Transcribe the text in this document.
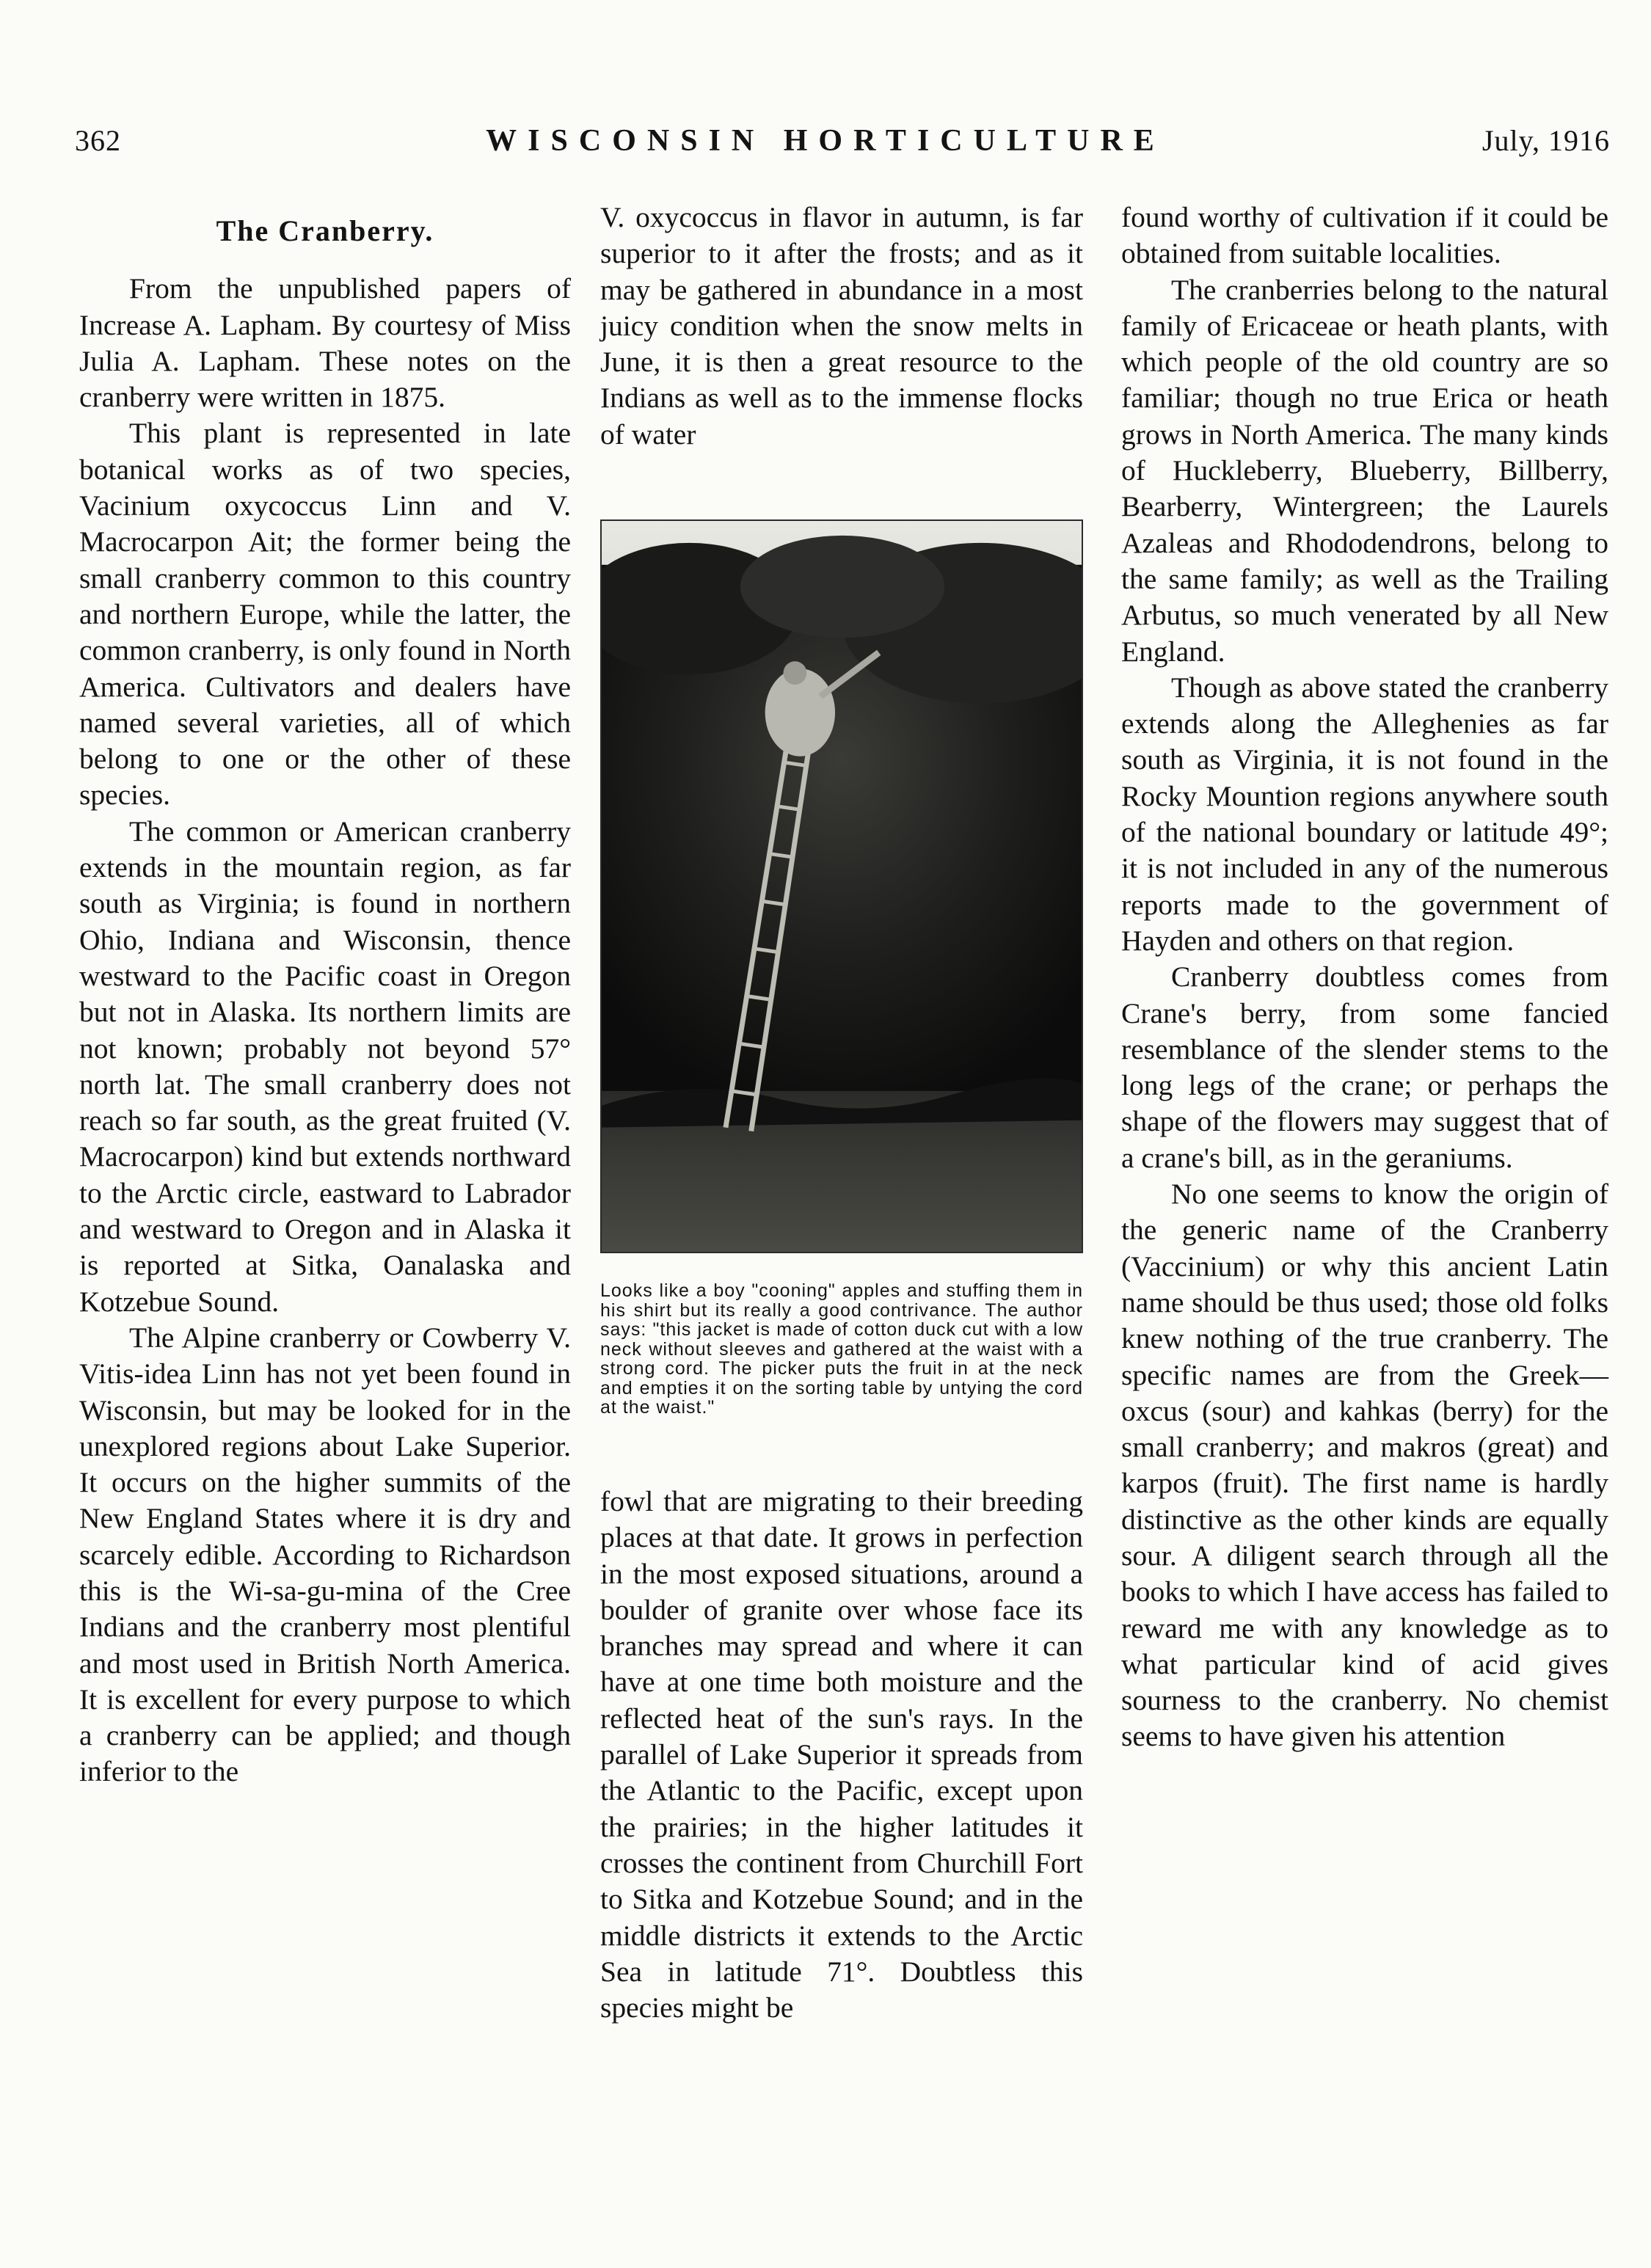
362	WISCONSIN HORTICULTURE	July, 1916
The Cranberry.

From the unpublished papers of Increase A. Lapham. By courtesy of Miss Julia A. Lapham. These notes on the cranberry were written in 1875.

This plant is represented in late botanical works as of two species, Vacinium oxycoccus Linn and V. Macrocarpon Ait; the former being the small cranberry common to this country and northern Europe, while the latter, the common cranberry, is only found in North America. Cultivators and dealers have named several varieties, all of which belong to one or the other of these species.

The common or American cranberry extends in the mountain region, as far south as Virginia; is found in northern Ohio, Indiana and Wisconsin, thence westward to the Pacific coast in Oregon but not in Alaska. Its northern limits are not known; probably not beyond 57° north lat. The small cranberry does not reach so far south, as the great fruited (V. Macrocarpon) kind but extends northward to the Arctic circle, eastward to Labrador and westward to Oregon and in Alaska it is reported at Sitka, Oanalaska and Kotzebue Sound.

The Alpine cranberry or Cowberry V. Vitis-idea Linn has not yet been found in Wisconsin, but may be looked for in the unexplored regions about Lake Superior. It occurs on the higher summits of the New England States where it is dry and scarcely edible. According to Richardson this is the Wi-sa-gu-mina of the Cree Indians and the cranberry most plentiful and most used in British North America. It is excellent for every purpose to which a cranberry can be applied; and though inferior to the

V. oxycoccus in flavor in autumn, is far superior to it after the frosts; and as it may be gathered in abundance in a most juicy condition when the snow melts in June, it is then a great resource to the Indians as well as to the immense flocks of water

Looks like a boy "cooning" apples and stuffing them in his shirt but its really a good contrivance. The author says: "this jacket is made of cotton duck cut with a low neck without sleeves and gathered at the waist with a strong cord. The picker puts the fruit in at the neck and empties it on the sorting table by untying the cord at the waist."

fowl that are migrating to their breeding places at that date. It grows in perfection in the most exposed situations, around a boulder of granite over whose face its branches may spread and where it can have at one time both moisture and the reflected heat of the sun's rays. In the parallel of Lake Superior it spreads from the Atlantic to the Pacific, except upon the prairies; in the higher latitudes it crosses the continent from Churchill Fort to Sitka and Kotzebue Sound; and in the middle districts it extends to the Arctic Sea in latitude 71°. Doubtless this species might be

found worthy of cultivation if it could be obtained from suitable localities.

The cranberries belong to the natural family of Ericaceae or heath plants, with which people of the old country are so familiar; though no true Erica or heath grows in North America. The many kinds of Huckleberry, Blueberry, Billberry, Bearberry, Wintergreen; the Laurels Azaleas and Rhododendrons, belong to the same family; as well as the Trailing Arbutus, so much venerated by all New England.

Though as above stated the cranberry extends along the Alleghenies as far south as Virginia, it is not found in the Rocky Mountion regions anywhere south of the national boundary or latitude 49°; it is not included in any of the numerous reports made to the government of Hayden and others on that region.

Cranberry doubtless comes from Crane's berry, from some fancied resemblance of the slender stems to the long legs of the crane; or perhaps the shape of the flowers may suggest that of a crane's bill, as in the geraniums.

No one seems to know the origin of the generic name of the Cranberry (Vaccinium) or why this ancient Latin name should be thus used; those old folks knew nothing of the true cranberry. The specific names are from the Greek—oxcus (sour) and kahkas (berry) for the small cranberry; and makros (great) and karpos (fruit). The first name is hardly distinctive as the other kinds are equally sour. A diligent search through all the books to which I have access has failed to reward me with any knowledge as to what particular kind of acid gives sourness to the cranberry. No chemist seems to have given his attention
